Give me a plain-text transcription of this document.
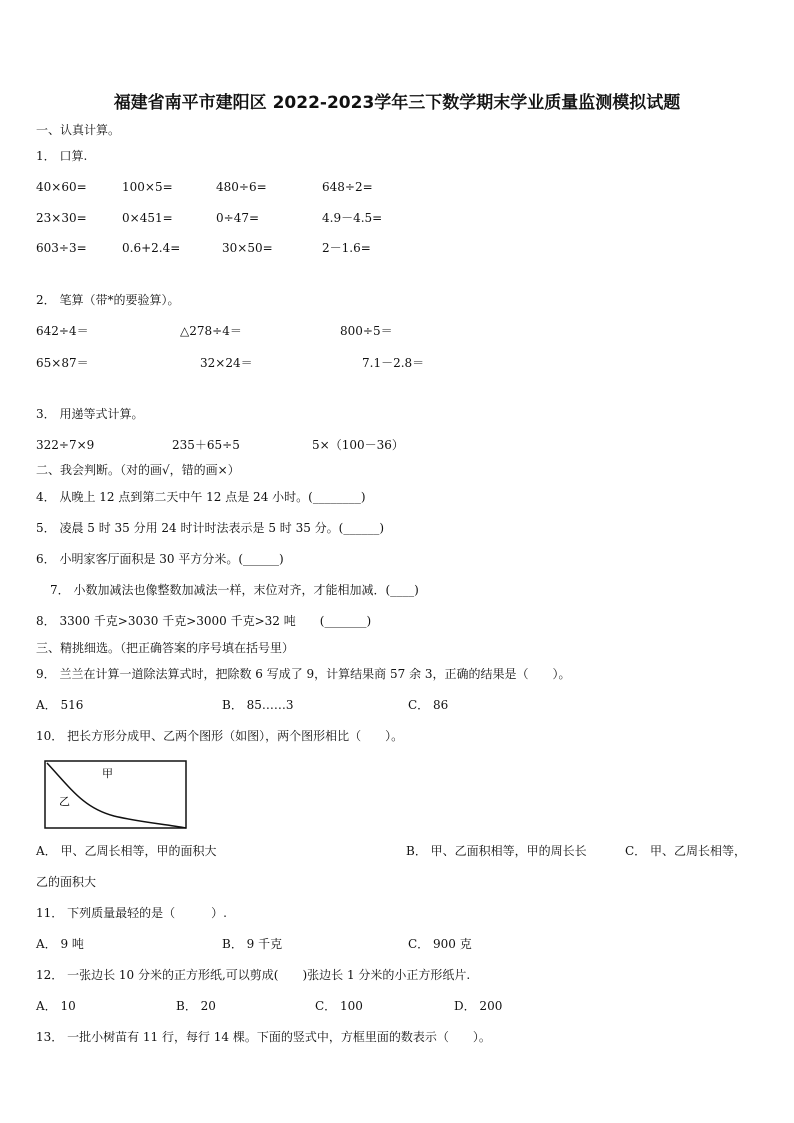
福建省南平市建阳区 2022-2023学年三下数学期末学业质量监测模拟试题
一、认真计算。
1． 口算.
40×60=	100×5=	480÷6=	648÷2=
23×30=	0×451=	0÷47=	4.9－4.5=
603÷3=	0.6+2.4=	30×50=	2－1.6=
2． 笔算（带*的要验算）。
642÷4＝	△278÷4＝	800÷5＝
65×87＝	32×24＝	7.1－2.8＝
3． 用递等式计算。
322÷7×9	235＋65÷5	5×（100－36）
二、我会判断。（对的画√，错的画×）
4． 从晚上 12 点到第二天中午 12 点是 24 小时。(________)
5． 凌晨 5 时 35 分用 24 时计时法表示是 5 时 35 分。(______)
6． 小明家客厅面积是 30 平方分米。(______)
7． 小数加减法也像整数加减法一样，末位对齐，才能相加减．(____)
8． 3300 千克>3030 千克>3000 千克>32 吨　　(_______)
三、精挑细选。（把正确答案的序号填在括号里）
9． 兰兰在计算一道除法算式时，把除数 6 写成了 9，计算结果商 57 余 3，正确的结果是（　　）。
A． 516	B． 85……3	C． 86
10． 把长方形分成甲、乙两个图形（如图），两个图形相比（　　）。
甲
乙
A． 甲、乙周长相等，甲的面积大	B． 甲、乙面积相等，甲的周长长	C． 甲、乙周长相等，
乙的面积大
11． 下列质量最轻的是（　　　）.
A． 9 吨	B． 9 千克	C． 900 克
12． 一张边长 10 分米的正方形纸,可以剪成(　　)张边长 1 分米的小正方形纸片.
A． 10	B． 20	C． 100	D． 200
13． 一批小树苗有 11 行，每行 14 棵。下面的竖式中，方框里面的数表示（　　）。
